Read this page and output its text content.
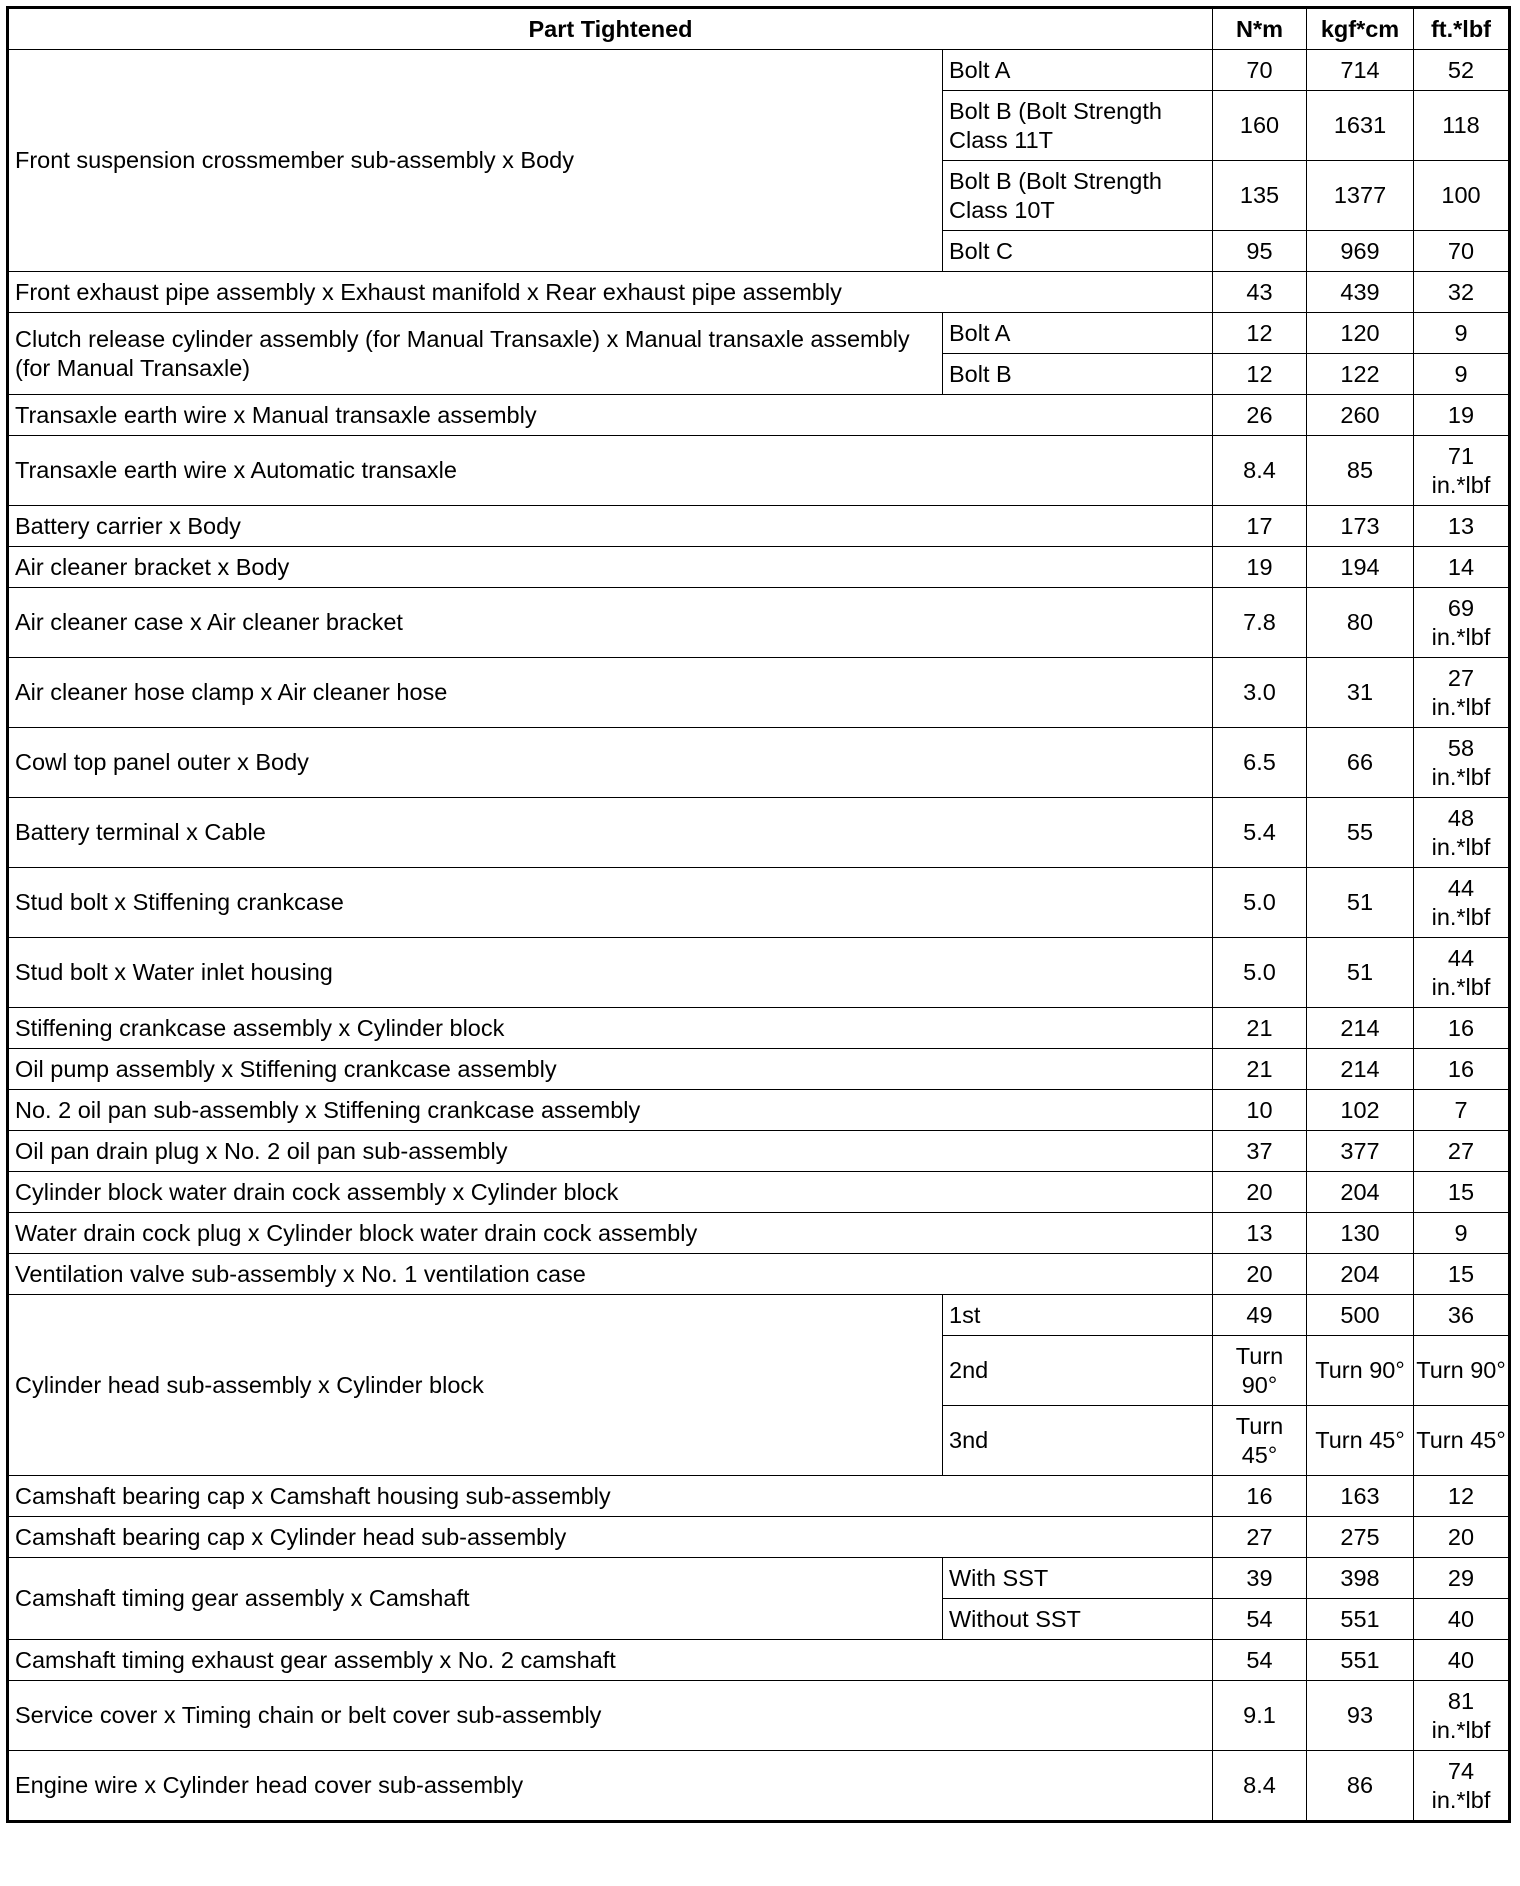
Part Tightened		N*m	kgf*cm	ft.*lbf
Front suspension crossmember sub-assembly x Body	Bolt A	70	714	52
	Bolt B (Bolt Strength Class 11T	160	1631	118
	Bolt B (Bolt Strength Class 10T	135	1377	100
	Bolt C	95	969	70
Front exhaust pipe assembly x Exhaust manifold x Rear exhaust pipe assembly		43	439	32
Clutch release cylinder assembly (for Manual Transaxle) x Manual transaxle assembly (for Manual Transaxle)	Bolt A	12	120	9
	Bolt B	12	122	9
Transaxle earth wire x Manual transaxle assembly		26	260	19
Transaxle earth wire x Automatic transaxle		8.4	85	71 in.*lbf
Battery carrier x Body		17	173	13
Air cleaner bracket x Body		19	194	14
Air cleaner case x Air cleaner bracket		7.8	80	69 in.*lbf
Air cleaner hose clamp x Air cleaner hose		3.0	31	27 in.*lbf
Cowl top panel outer x Body		6.5	66	58 in.*lbf
Battery terminal x Cable		5.4	55	48 in.*lbf
Stud bolt x Stiffening crankcase		5.0	51	44 in.*lbf
Stud bolt x Water inlet housing		5.0	51	44 in.*lbf
Stiffening crankcase assembly x Cylinder block		21	214	16
Oil pump assembly x Stiffening crankcase assembly		21	214	16
No. 2 oil pan sub-assembly x Stiffening crankcase assembly		10	102	7
Oil pan drain plug x No. 2 oil pan sub-assembly		37	377	27
Cylinder block water drain cock assembly x Cylinder block		20	204	15
Water drain cock plug x Cylinder block water drain cock assembly		13	130	9
Ventilation valve sub-assembly x No. 1 ventilation case		20	204	15
Cylinder head sub-assembly x Cylinder block	1st	49	500	36
	2nd	Turn 90°	Turn 90°	Turn 90°
	3nd	Turn 45°	Turn 45°	Turn 45°
Camshaft bearing cap x Camshaft housing sub-assembly		16	163	12
Camshaft bearing cap x Cylinder head sub-assembly		27	275	20
Camshaft timing gear assembly x Camshaft	With SST	39	398	29
	Without SST	54	551	40
Camshaft timing exhaust gear assembly x No. 2 camshaft		54	551	40
Service cover x Timing chain or belt cover sub-assembly		9.1	93	81 in.*lbf
Engine wire x Cylinder head cover sub-assembly		8.4	86	74 in.*lbf
